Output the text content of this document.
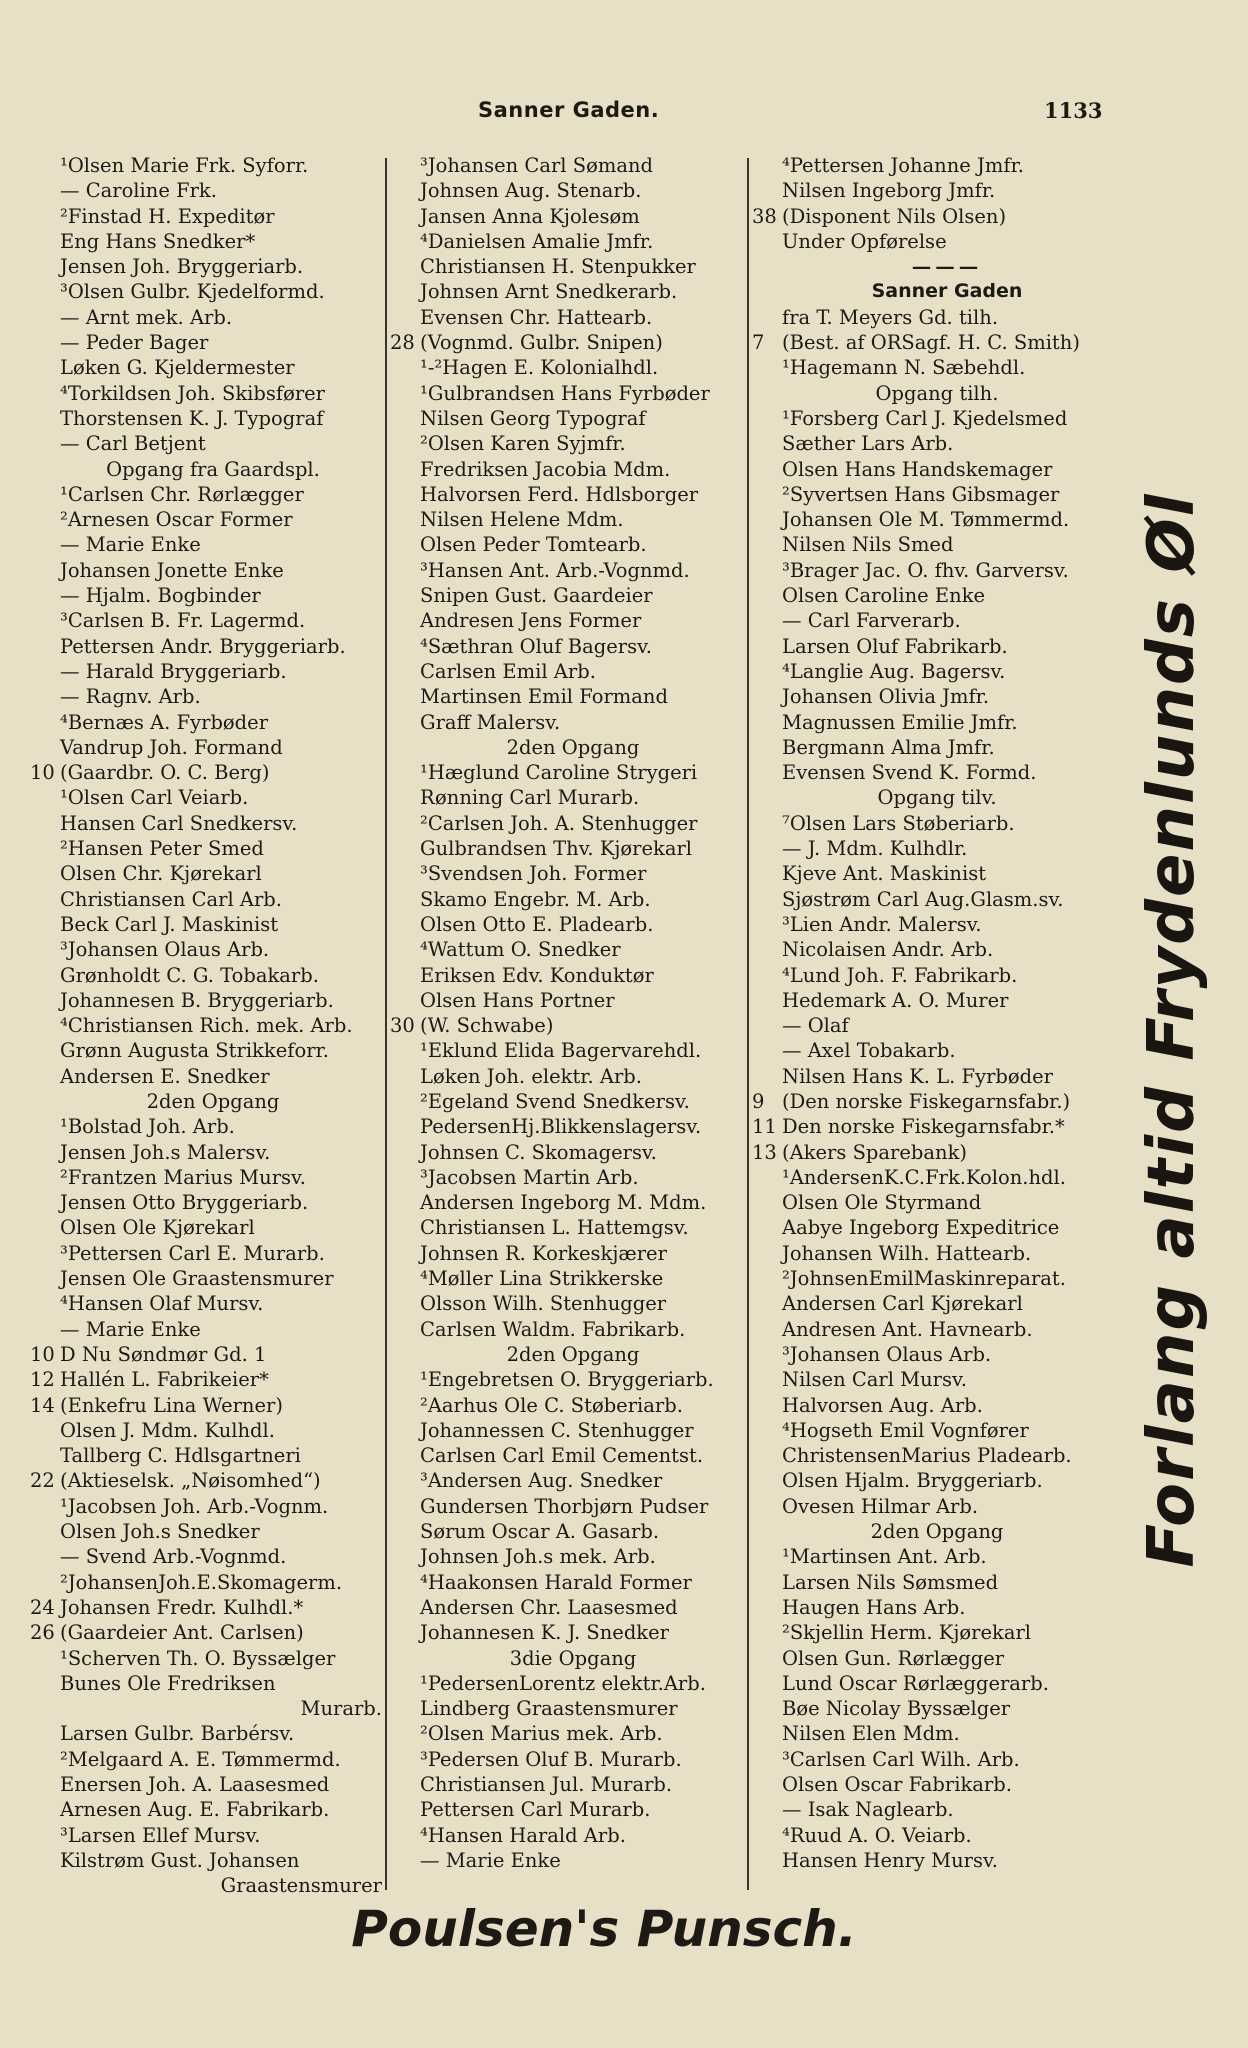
Sanner Gaden.	1133
¹Olsen Marie Frk. Syforr.
— Caroline Frk.
²Finstad H. Expeditør
Eng Hans Snedker*
Jensen Joh. Bryggeriarb.
³Olsen Gulbr. Kjedelformd.
— Arnt mek. Arb.
— Peder Bager
Løken G. Kjeldermester
⁴Torkildsen Joh. Skibsfører
Thorstensen K. J. Typograf
— Carl Betjent
Opgang fra Gaardspl.
¹Carlsen Chr. Rørlægger
²Arnesen Oscar Former
— Marie Enke
Johansen Jonette Enke
— Hjalm. Bogbinder
³Carlsen B. Fr. Lagermd.
Pettersen Andr. Bryggeriarb.
— Harald Bryggeriarb.
— Ragnv. Arb.
⁴Bernæs A. Fyrbøder
Vandrup Joh. Formand
10 (Gaardbr. O. C. Berg)
¹Olsen Carl Veiarb.
Hansen Carl Snedkersv.
²Hansen Peter Smed
Olsen Chr. Kjørekarl
Christiansen Carl Arb.
Beck Carl J. Maskinist
³Johansen Olaus Arb.
Grønholdt C. G. Tobakarb.
Johannesen B. Bryggeriarb.
⁴Christiansen Rich. mek. Arb.
Grønn Augusta Strikkeforr.
Andersen E. Snedker
2den Opgang
¹Bolstad Joh. Arb.
Jensen Joh.s Malersv.
²Frantzen Marius Mursv.
Jensen Otto Bryggeriarb.
Olsen Ole Kjørekarl
³Pettersen Carl E. Murarb.
Jensen Ole Graastensmurer
⁴Hansen Olaf Mursv.
— Marie Enke
10 D Nu Søndmør Gd. 1
12 Hallén L. Fabrikeier*
14 (Enkefru Lina Werner)
Olsen J. Mdm. Kulhdl.
Tallberg C. Hdlsgartneri
22 (Aktieselsk. „Nøisomhed“)
¹Jacobsen Joh. Arb.-Vognm.
Olsen Joh.s Snedker
— Svend Arb.-Vognmd.
²JohansenJoh.E.Skomagerm.
24 Johansen Fredr. Kulhdl.*
26 (Gaardeier Ant. Carlsen)
¹Scherven Th. O. Byssælger
Bunes Ole Fredriksen
Murarb.
Larsen Gulbr. Barbérsv.
²Melgaard A. E. Tømmermd.
Enersen Joh. A. Laasesmed
Arnesen Aug. E. Fabrikarb.
³Larsen Ellef Mursv.
Kilstrøm Gust. Johansen
Graastensmurer
³Johansen Carl Sømand
Johnsen Aug. Stenarb.
Jansen Anna Kjolesøm
⁴Danielsen Amalie Jmfr.
Christiansen H. Stenpukker
Johnsen Arnt Snedkerarb.
Evensen Chr. Hattearb.
28 (Vognmd. Gulbr. Snipen)
¹-²Hagen E. Kolonialhdl.
¹Gulbrandsen Hans Fyrbøder
Nilsen Georg Typograf
²Olsen Karen Syjmfr.
Fredriksen Jacobia Mdm.
Halvorsen Ferd. Hdlsborger
Nilsen Helene Mdm.
Olsen Peder Tomtearb.
³Hansen Ant. Arb.-Vognmd.
Snipen Gust. Gaardeier
Andresen Jens Former
⁴Sæthran Oluf Bagersv.
Carlsen Emil Arb.
Martinsen Emil Formand
Graff Malersv.
2den Opgang
¹Hæglund Caroline Strygeri
Rønning Carl Murarb.
²Carlsen Joh. A. Stenhugger
Gulbrandsen Thv. Kjørekarl
³Svendsen Joh. Former
Skamo Engebr. M. Arb.
Olsen Otto E. Pladearb.
⁴Wattum O. Snedker
Eriksen Edv. Konduktør
Olsen Hans Portner
30 (W. Schwabe)
¹Eklund Elida Bagervarehdl.
Løken Joh. elektr. Arb.
²Egeland Svend Snedkersv.
PedersenHj.Blikkenslagersv.
Johnsen C. Skomagersv.
³Jacobsen Martin Arb.
Andersen Ingeborg M. Mdm.
Christiansen L. Hattemgsv.
Johnsen R. Korkeskjærer
⁴Møller Lina Strikkerske
Olsson Wilh. Stenhugger
Carlsen Waldm. Fabrikarb.
2den Opgang
¹Engebretsen O. Bryggeriarb.
²Aarhus Ole C. Støberiarb.
Johannessen C. Stenhugger
Carlsen Carl Emil Cementst.
³Andersen Aug. Snedker
Gundersen Thorbjørn Pudser
Sørum Oscar A. Gasarb.
Johnsen Joh.s mek. Arb.
⁴Haakonsen Harald Former
Andersen Chr. Laasesmed
Johannesen K. J. Snedker
3die Opgang
¹PedersenLorentz elektr.Arb.
Lindberg Graastensmurer
²Olsen Marius mek. Arb.
³Pedersen Oluf B. Murarb.
Christiansen Jul. Murarb.
Pettersen Carl Murarb.
⁴Hansen Harald Arb.
— Marie Enke
⁴Pettersen Johanne Jmfr.
Nilsen Ingeborg Jmfr.
38 (Disponent Nils Olsen)
Under Opførelse
———
Sanner Gaden
fra T. Meyers Gd. tilh.
7 (Best. af ORSagf. H. C. Smith)
¹Hagemann N. Sæbehdl.
Opgang tilh.
¹Forsberg Carl J. Kjedelsmed
Sæther Lars Arb.
Olsen Hans Handskemager
²Syvertsen Hans Gibsmager
Johansen Ole M. Tømmermd.
Nilsen Nils Smed
³Brager Jac. O. fhv. Garversv.
Olsen Caroline Enke
— Carl Farverarb.
Larsen Oluf Fabrikarb.
⁴Langlie Aug. Bagersv.
Johansen Olivia Jmfr.
Magnussen Emilie Jmfr.
Bergmann Alma Jmfr.
Evensen Svend K. Formd.
Opgang tilv.
⁷Olsen Lars Støberiarb.
— J. Mdm. Kulhdlr.
Kjeve Ant. Maskinist
Sjøstrøm Carl Aug.Glasm.sv.
³Lien Andr. Malersv.
Nicolaisen Andr. Arb.
⁴Lund Joh. F. Fabrikarb.
Hedemark A. O. Murer
— Olaf
— Axel Tobakarb.
Nilsen Hans K. L. Fyrbøder
9 (Den norske Fiskegarnsfabr.)
11 Den norske Fiskegarnsfabr.*
13 (Akers Sparebank)
¹AndersenK.C.Frk.Kolon.hdl.
Olsen Ole Styrmand
Aabye Ingeborg Expeditrice
Johansen Wilh. Hattearb.
²JohnsenEmilMaskinreparat.
Andersen Carl Kjørekarl
Andresen Ant. Havnearb.
³Johansen Olaus Arb.
Nilsen Carl Mursv.
Halvorsen Aug. Arb.
⁴Hogseth Emil Vognfører
ChristensenMarius Pladearb.
Olsen Hjalm. Bryggeriarb.
Ovesen Hilmar Arb.
2den Opgang
¹Martinsen Ant. Arb.
Larsen Nils Sømsmed
Haugen Hans Arb.
²Skjellin Herm. Kjørekarl
Olsen Gun. Rørlægger
Lund Oscar Rørlæggerarb.
Bøe Nicolay Byssælger
Nilsen Elen Mdm.
³Carlsen Carl Wilh. Arb.
Olsen Oscar Fabrikarb.
— Isak Naglearb.
⁴Ruud A. O. Veiarb.
Hansen Henry Mursv.
Forlang altid Frydenlunds Øl
Poulsen's Punsch.
